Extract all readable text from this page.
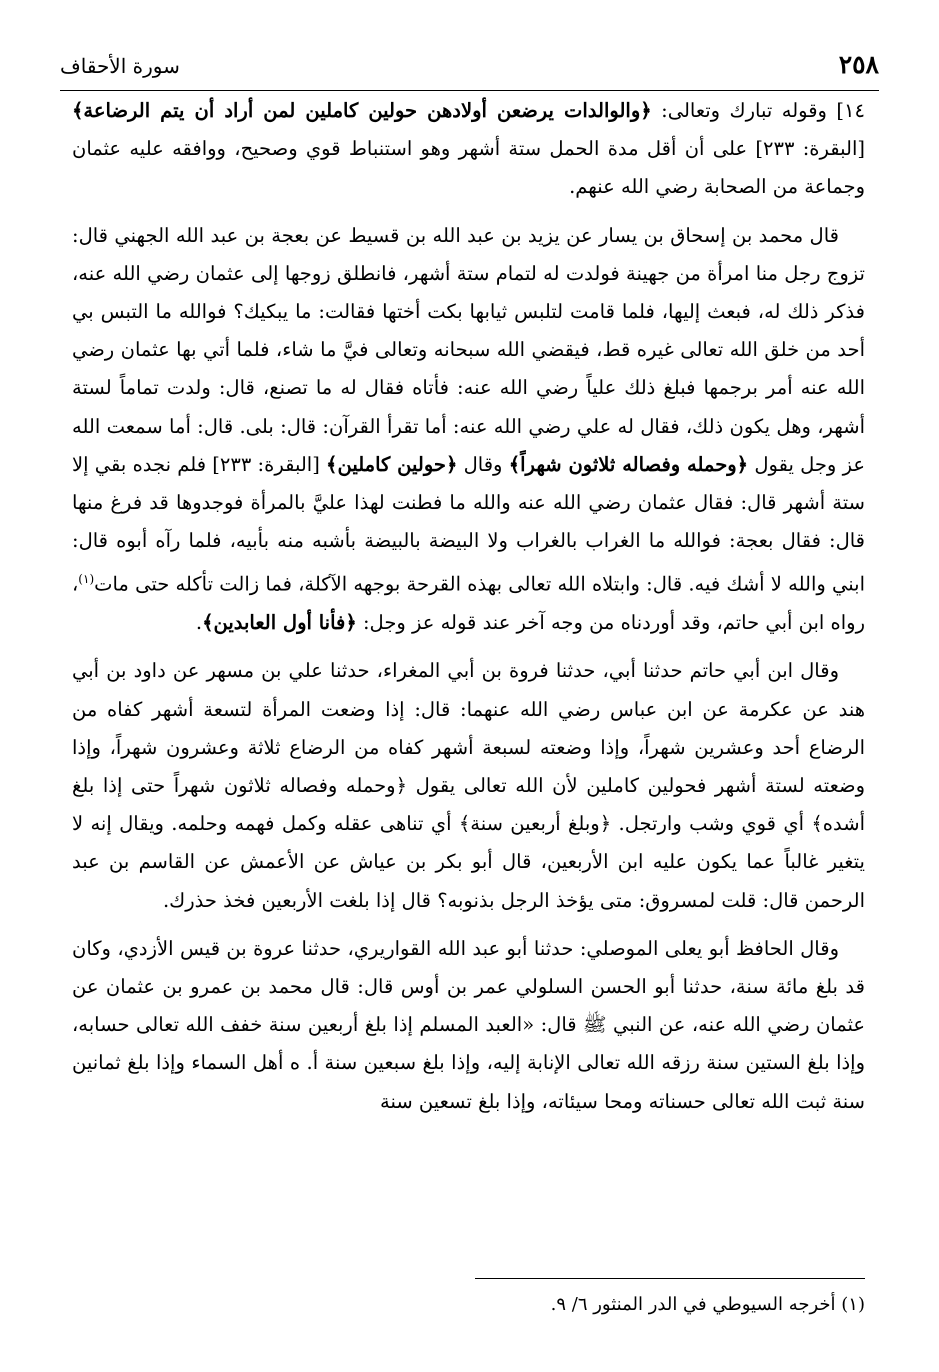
٢٥٨
سورة الأحقاف

١٤] وقوله تبارك وتعالى: ﴿والوالدات يرضعن أولادهن حولين كاملين لمن أراد أن يتم الرضاعة﴾ [البقرة: ٢٣٣] على أن أقل مدة الحمل ستة أشهر وهو استنباط قوي وصحيح، ووافقه عليه عثمان وجماعة من الصحابة رضي الله عنهم.

قال محمد بن إسحاق بن يسار عن يزيد بن عبد الله بن قسيط عن بعجة بن عبد الله الجهني قال: تزوج رجل منا امرأة من جهينة فولدت له لتمام ستة أشهر، فانطلق زوجها إلى عثمان رضي الله عنه، فذكر ذلك له، فبعث إليها، فلما قامت لتلبس ثيابها بكت أختها فقالت: ما يبكيك؟ فوالله ما التبس بي أحد من خلق الله تعالى غيره قط، فيقضي الله سبحانه وتعالى فيَّ ما شاء، فلما أتي بها عثمان رضي الله عنه أمر برجمها فبلغ ذلك علياً رضي الله عنه: فأتاه فقال له ما تصنع، قال: ولدت تماماً لستة أشهر، وهل يكون ذلك، فقال له علي رضي الله عنه: أما تقرأ القرآن: قال: بلى. قال: أما سمعت الله عز وجل يقول ﴿وحمله وفصاله ثلاثون شهراً﴾ وقال ﴿حولين كاملين﴾ [البقرة: ٢٣٣] فلم نجده بقي إلا ستة أشهر قال: فقال عثمان رضي الله عنه والله ما فطنت لهذا عليَّ بالمرأة فوجدوها قد فرغ منها قال: فقال بعجة: فوالله ما الغراب بالغراب ولا البيضة بالبيضة بأشبه منه بأبيه، فلما رآه أبوه قال: ابني والله لا أشك فيه. قال: وابتلاه الله تعالى بهذه القرحة بوجهه الآكلة، فما زالت تأكله حتى مات$^{(١)}$، رواه ابن أبي حاتم، وقد أوردناه من وجه آخر عند قوله عز وجل: ﴿فأنا أول العابدين﴾.

وقال ابن أبي حاتم حدثنا أبي، حدثنا فروة بن أبي المغراء، حدثنا علي بن مسهر عن داود بن أبي هند عن عكرمة عن ابن عباس رضي الله عنهما: قال: إذا وضعت المرأة لتسعة أشهر كفاه من الرضاع أحد وعشرين شهراً، وإذا وضعته لسبعة أشهر كفاه من الرضاع ثلاثة وعشرون شهراً، وإذا وضعته لستة أشهر فحولين كاملين لأن الله تعالى يقول ﴿وحمله وفصاله ثلاثون شهراً حتى إذا بلغ أشده﴾ أي قوي وشب وارتجل. ﴿وبلغ أربعين سنة﴾ أي تناهى عقله وكمل فهمه وحلمه. ويقال إنه لا يتغير غالباً عما يكون عليه ابن الأربعين، قال أبو بكر بن عياش عن الأعمش عن القاسم بن عبد الرحمن قال: قلت لمسروق: متى يؤخذ الرجل بذنوبه؟ قال إذا بلغت الأربعين فخذ حذرك.

وقال الحافظ أبو يعلى الموصلي: حدثنا أبو عبد الله القواريري، حدثنا عروة بن قيس الأزدي، وكان قد بلغ مائة سنة، حدثنا أبو الحسن السلولي عمر بن أوس قال: قال محمد بن عمرو بن عثمان عن عثمان رضي الله عنه، عن النبي ﷺ قال: «العبد المسلم إذا بلغ أربعين سنة خفف الله تعالى حسابه، وإذا بلغ الستين سنة رزقه الله تعالى الإنابة إليه، وإذا بلغ سبعين سنة أ. ه أهل السماء وإذا بلغ ثمانين سنة ثبت الله تعالى حسناته ومحا سيئاته، وإذا بلغ تسعين سنة

(١) أخرجه السيوطي في الدر المنثور ٦/ ٩.
